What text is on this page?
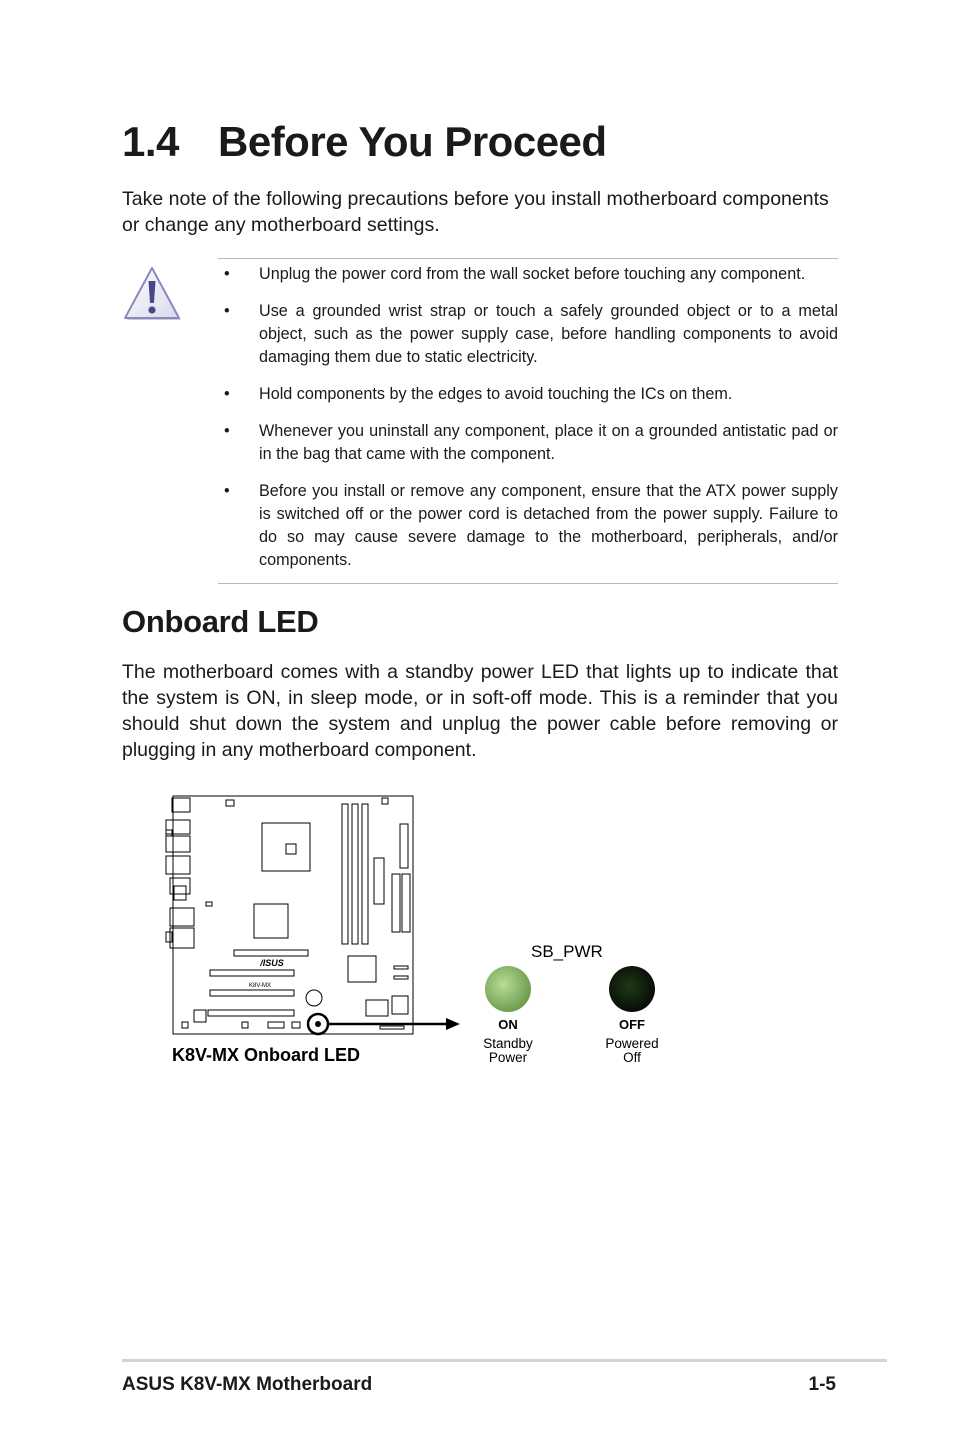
1.4 Before You Proceed

Take note of the following precautions before you install motherboard components or change any motherboard settings.

• Unplug the power cord from the wall socket before touching any component.
• Use a grounded wrist strap or touch a safely grounded object or to a metal object, such as the power supply case, before handling components to avoid damaging them due to static electricity.
• Hold components by the edges to avoid touching the ICs on them.
• Whenever you uninstall any component, place it on a grounded antistatic pad or in the bag that came with the component.
• Before you install or remove any component, ensure that the ATX power supply is switched off or the power cord is detached from the power supply. Failure to do so may cause severe damage to the motherboard, peripherals, and/or components.
Onboard LED

The motherboard comes with a standby power LED that lights up to indicate that the system is ON, in sleep mode, or in soft-off mode. This is a reminder that you should shut down the system and unplug the power cable before removing or plugging in any motherboard component.

/ISUS
K8V-MX
K8V-MX Onboard LED
SB_PWR
ON
Standby
Power
OFF
Powered
Off
ASUS K8V-MX Motherboard	1-5
